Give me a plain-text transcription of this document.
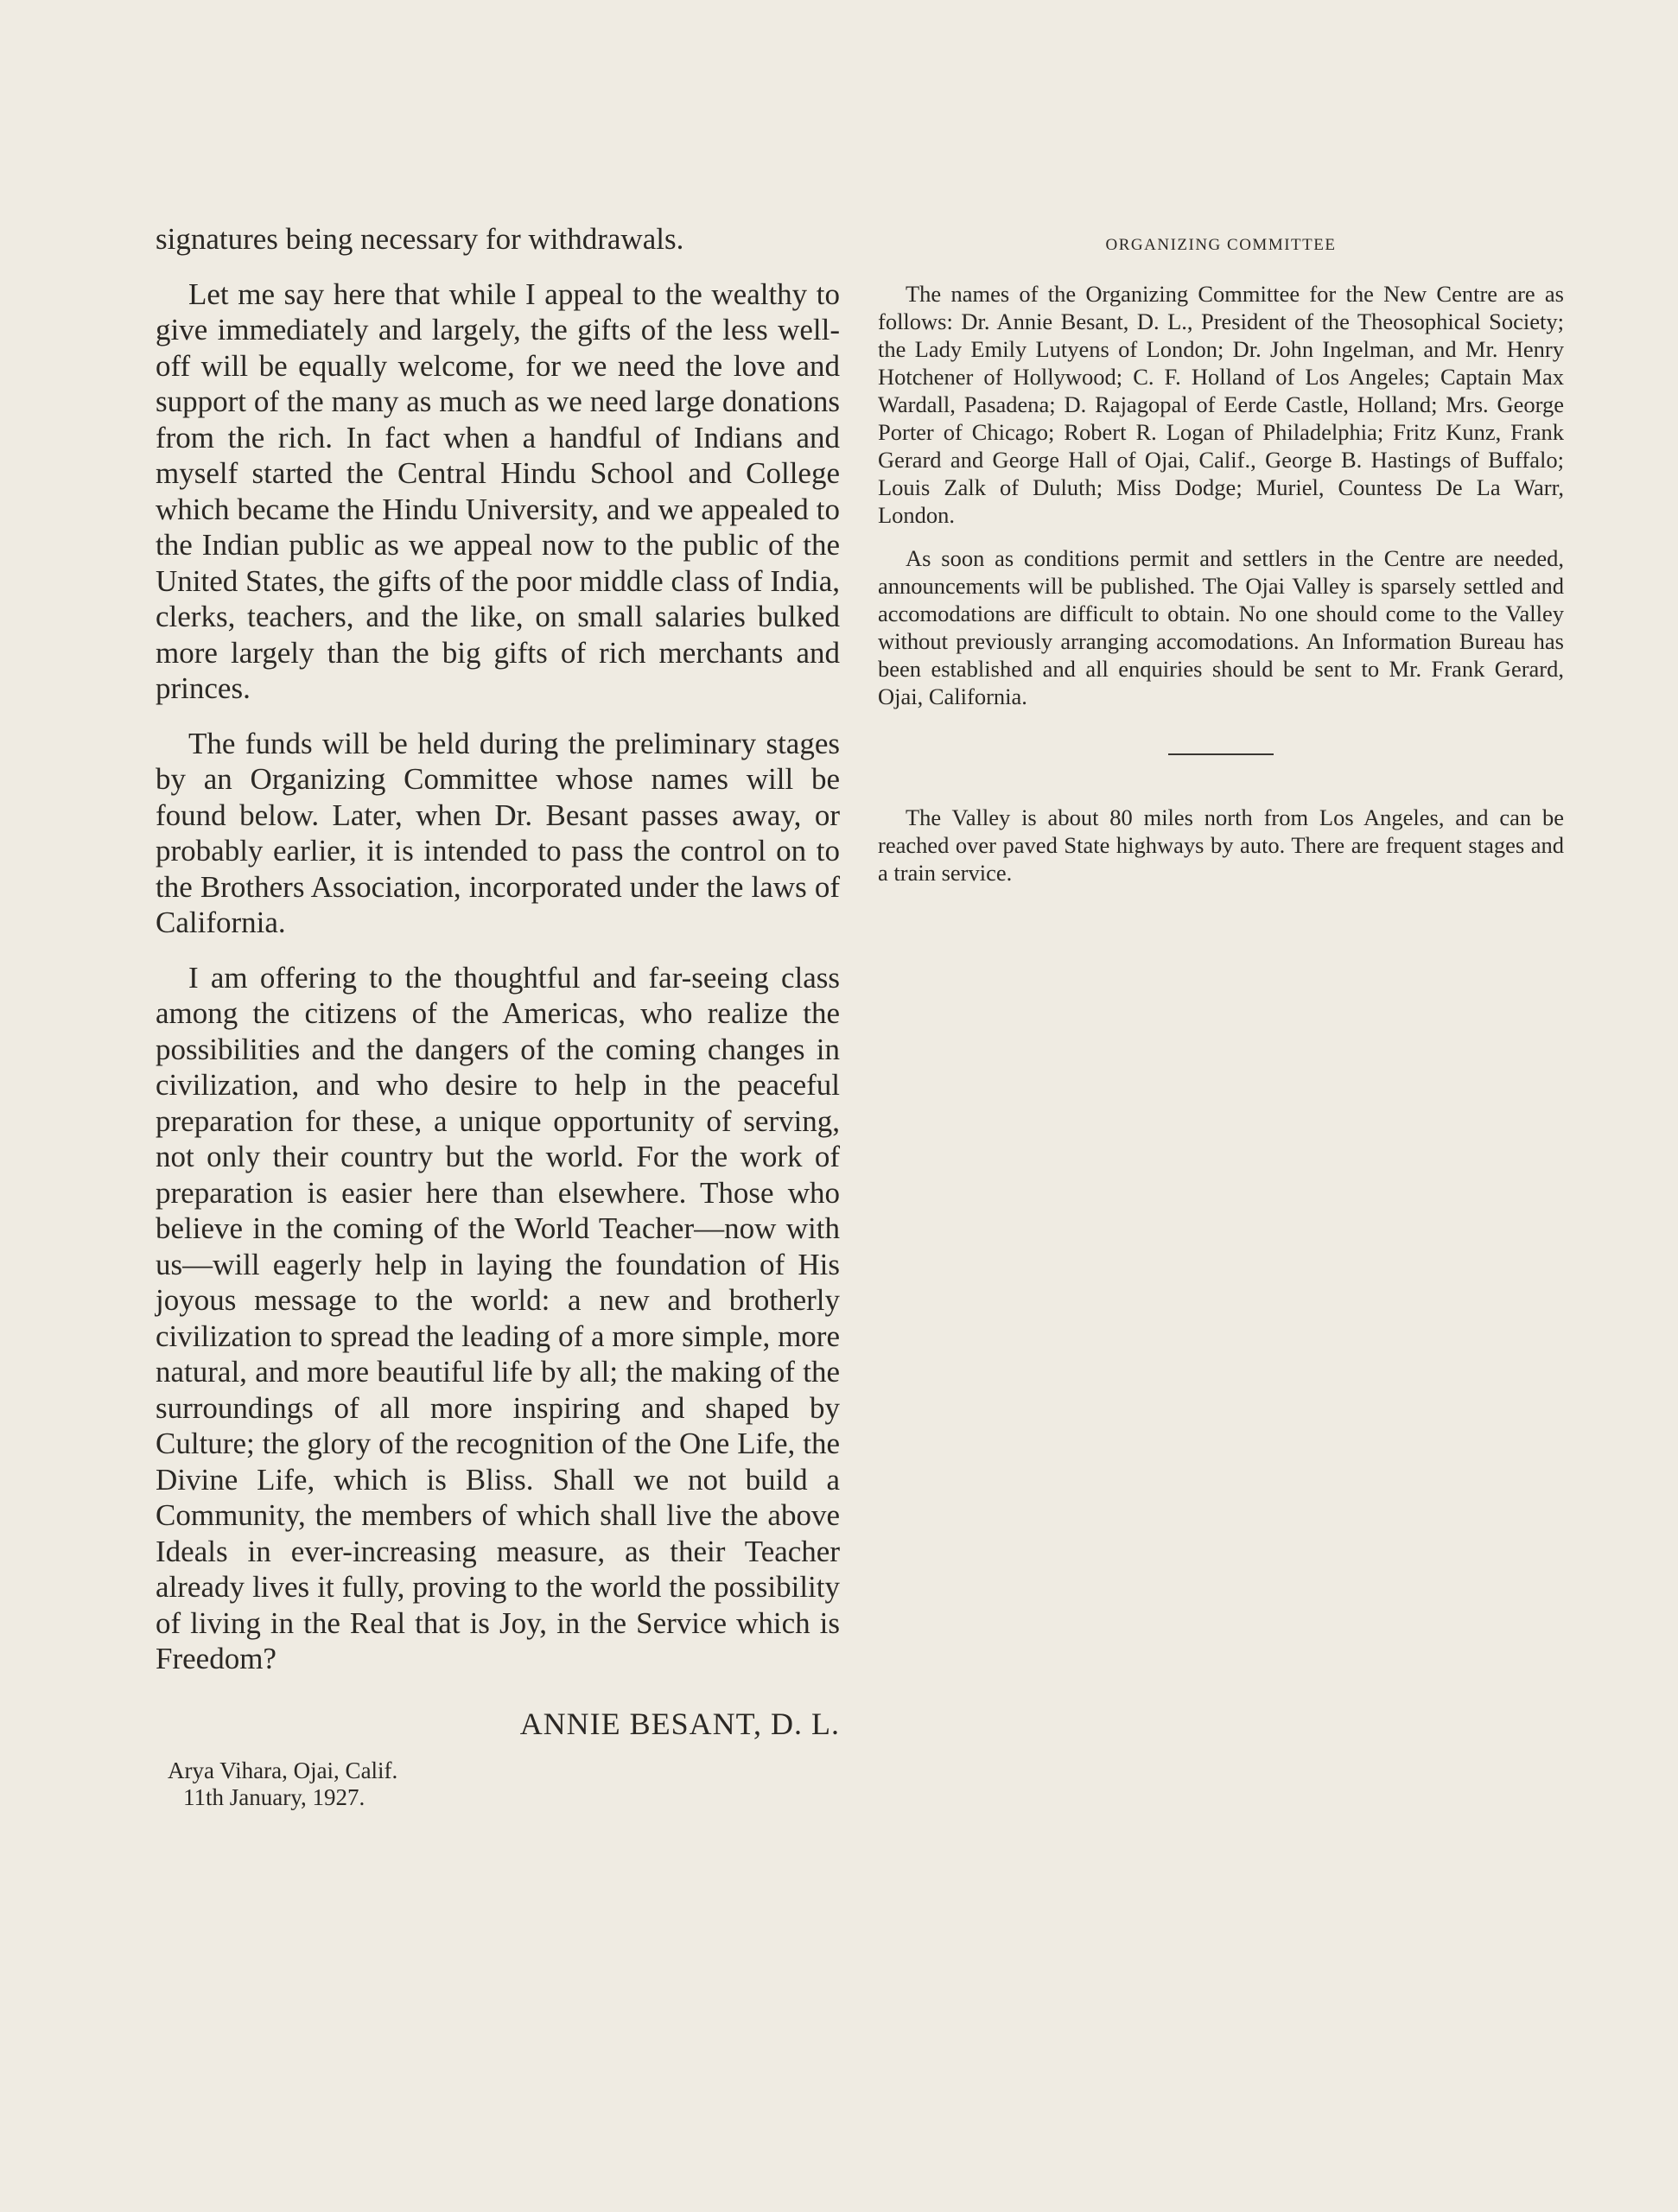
signatures being necessary for withdrawals.

Let me say here that while I appeal to the wealthy to give immediately and largely, the gifts of the less well-off will be equally welcome, for we need the love and support of the many as much as we need large donations from the rich. In fact when a handful of Indians and myself started the Central Hindu School and College which became the Hindu University, and we appealed to the Indian public as we appeal now to the public of the United States, the gifts of the poor middle class of India, clerks, teachers, and the like, on small salaries bulked more largely than the big gifts of rich merchants and princes.

The funds will be held during the preliminary stages by an Organizing Committee whose names will be found below. Later, when Dr. Besant passes away, or probably earlier, it is intended to pass the control on to the Brothers Association, incorporated under the laws of California.

I am offering to the thoughtful and far-seeing class among the citizens of the Americas, who realize the possibilities and the dangers of the coming changes in civilization, and who desire to help in the peaceful preparation for these, a unique opportunity of serving, not only their country but the world. For the work of preparation is easier here than elsewhere. Those who believe in the coming of the World Teacher—now with us—will eagerly help in laying the foundation of His joyous message to the world: a new and brotherly civilization to spread the leading of a more simple, more natural, and more beautiful life by all; the making of the surroundings of all more inspiring and shaped by Culture; the glory of the recognition of the One Life, the Divine Life, which is Bliss. Shall we not build a Community, the members of which shall live the above Ideals in ever-increasing measure, as their Teacher already lives it fully, proving to the world the possibility of living in the Real that is Joy, in the Service which is Freedom?

ANNIE BESANT, D. L.
Arya Vihara, Ojai, Calif.
11th January, 1927.
ORGANIZING COMMITTEE

The names of the Organizing Committee for the New Centre are as follows: Dr. Annie Besant, D. L., President of the Theosophical Society; the Lady Emily Lutyens of London; Dr. John Ingelman, and Mr. Henry Hotchener of Hollywood; C. F. Holland of Los Angeles; Captain Max Wardall, Pasadena; D. Rajagopal of Eerde Castle, Holland; Mrs. George Porter of Chicago; Robert R. Logan of Philadelphia; Fritz Kunz, Frank Gerard and George Hall of Ojai, Calif., George B. Hastings of Buffalo; Louis Zalk of Duluth; Miss Dodge; Muriel, Countess De La Warr, London.

As soon as conditions permit and settlers in the Centre are needed, announcements will be published. The Ojai Valley is sparsely settled and accomodations are difficult to obtain. No one should come to the Valley without previously arranging accomodations. An Information Bureau has been established and all enquiries should be sent to Mr. Frank Gerard, Ojai, California.

The Valley is about 80 miles north from Los Angeles, and can be reached over paved State highways by auto. There are frequent stages and a train service.
